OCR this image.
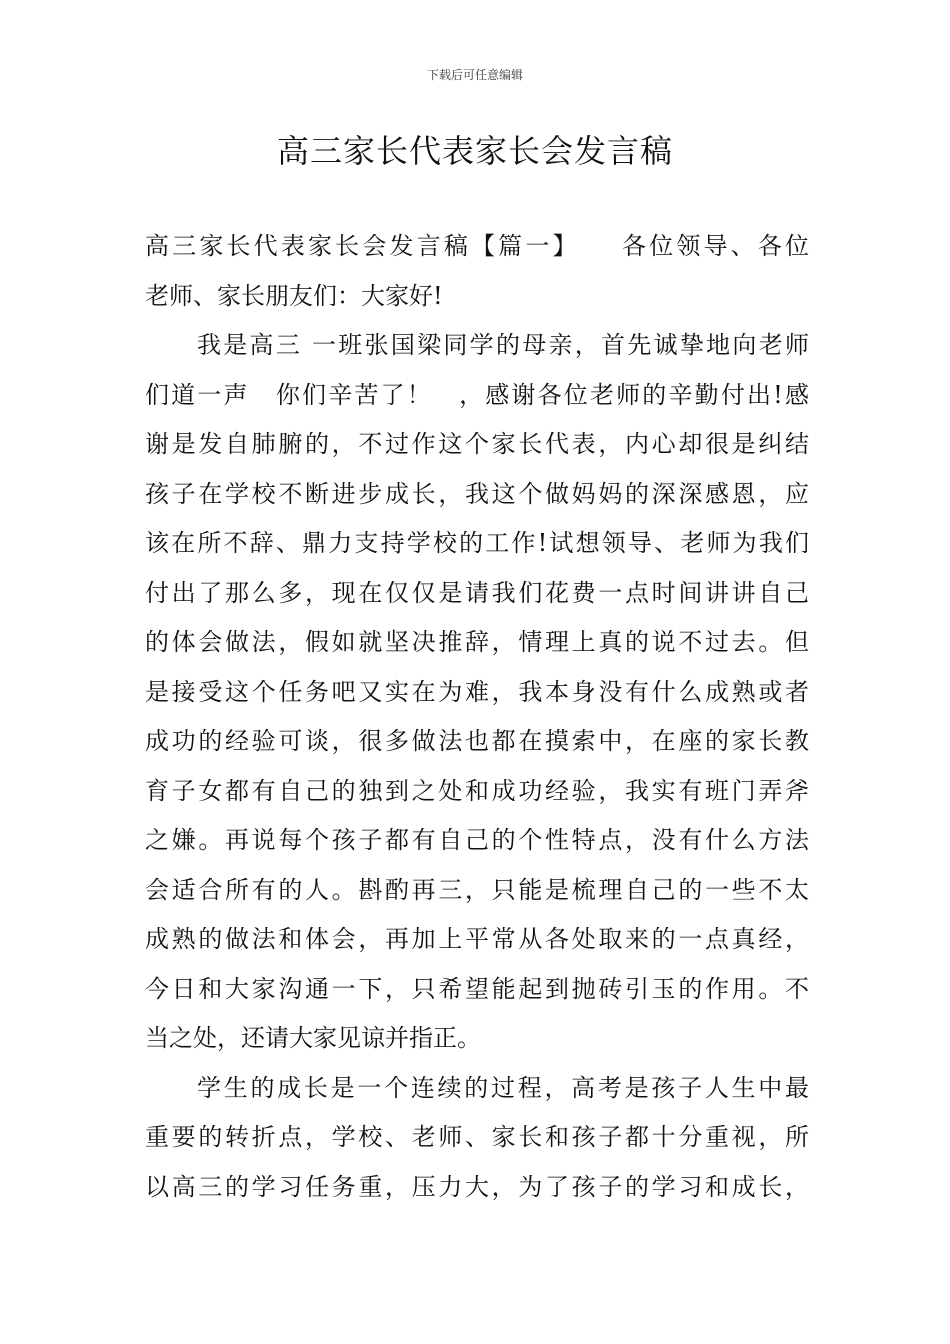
下载后可任意编辑
高三家长代表家长会发言稿
高三家长代表家长会发言稿【篇一】　　各位领导、各位
老师、家长朋友们：大家好!
我是高三 一班张国梁同学的母亲，首先诚挚地向老师
们道一声　你们辛苦了！　，感谢各位老师的辛勤付出!感
谢是发自肺腑的，不过作这个家长代表，内心却很是纠结
孩子在学校不断进步成长，我这个做妈妈的深深感恩，应
该在所不辞、鼎力支持学校的工作!试想领导、老师为我们
付出了那么多，现在仅仅是请我们花费一点时间讲讲自己
的体会做法，假如就坚决推辞，情理上真的说不过去。但
是接受这个任务吧又实在为难，我本身没有什么成熟或者
成功的经验可谈，很多做法也都在摸索中，在座的家长教
育子女都有自己的独到之处和成功经验，我实有班门弄斧
之嫌。再说每个孩子都有自己的个性特点，没有什么方法
会适合所有的人。斟酌再三，只能是梳理自己的一些不太
成熟的做法和体会，再加上平常从各处取来的一点真经，
今日和大家沟通一下，只希望能起到抛砖引玉的作用。不
当之处，还请大家见谅并指正。
学生的成长是一个连续的过程，高考是孩子人生中最
重要的转折点，学校、老师、家长和孩子都十分重视，所
以高三的学习任务重，压力大，为了孩子的学习和成长，
